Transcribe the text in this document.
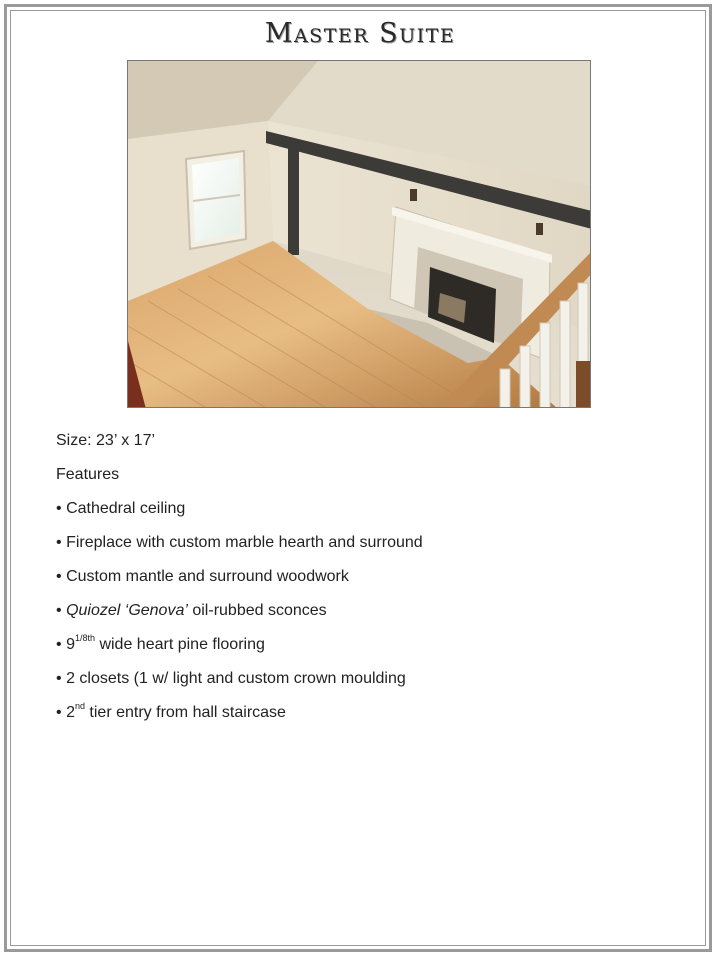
Master Suite
Size: 23’ x 17’
Features
• Cathedral ceiling
• Fireplace with custom marble hearth and surround
• Custom mantle and surround woodwork
• Quiozel ‘Genova’ oil-rubbed sconces
• $9^{1/8th}$ wide heart pine flooring
• 2 closets (1 w/ light and custom crown moulding
• 2nd tier entry from hall staircase
